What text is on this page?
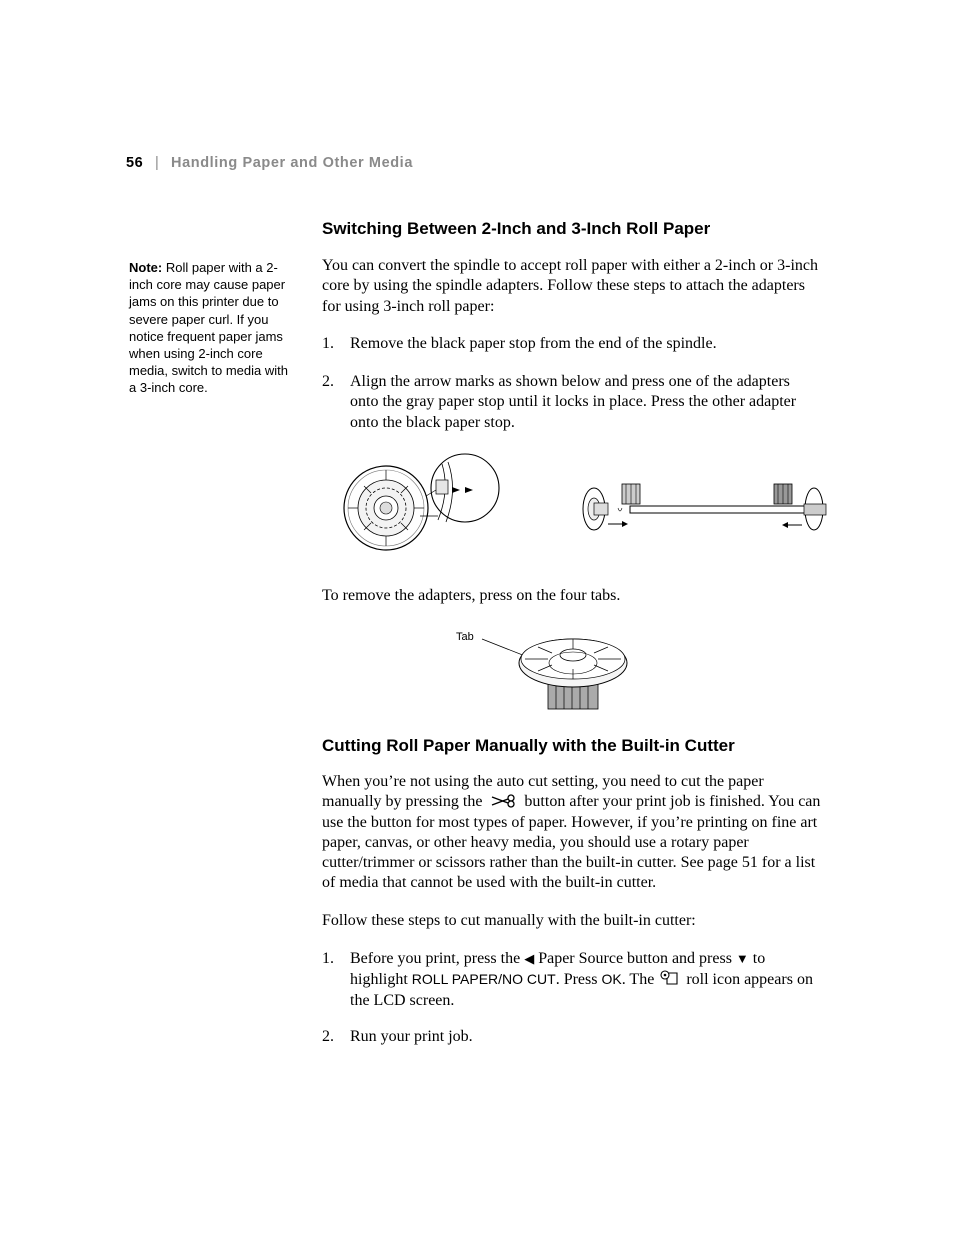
56 | Handling Paper and Other Media
Switching Between 2-Inch and 3-Inch Roll Paper
Note: Roll paper with a 2-inch core may cause paper jams on this printer due to severe paper curl. If you notice frequent paper jams when using 2-inch core media, switch to media with a 3-inch core.
You can convert the spindle to accept roll paper with either a 2-inch or 3-inch core by using the spindle adapters. Follow these steps to attach the adapters for using 3-inch roll paper:
1. Remove the black paper stop from the end of the spindle.
2. Align the arrow marks as shown below and press one of the adapters onto the gray paper stop until it locks in place. Press the other adapter onto the black paper stop.
To remove the adapters, press on the four tabs.
Tab
Cutting Roll Paper Manually with the Built-in Cutter
When you’re not using the auto cut setting, you need to cut the paper manually by pressing the	button after your print job is finished. You can use the button for most types of paper. However, if you’re printing on fine art paper, canvas, or other heavy media, you should use a rotary paper cutter/trimmer or scissors rather than the built-in cutter. See page 51 for a list of media that cannot be used with the built-in cutter.
Follow these steps to cut manually with the built-in cutter:
1. Before you print, press the ◀ Paper Source button and press ▼ to highlight ROLL PAPER/NO CUT. Press OK. The roll icon appears on the LCD screen.
2. Run your print job.
